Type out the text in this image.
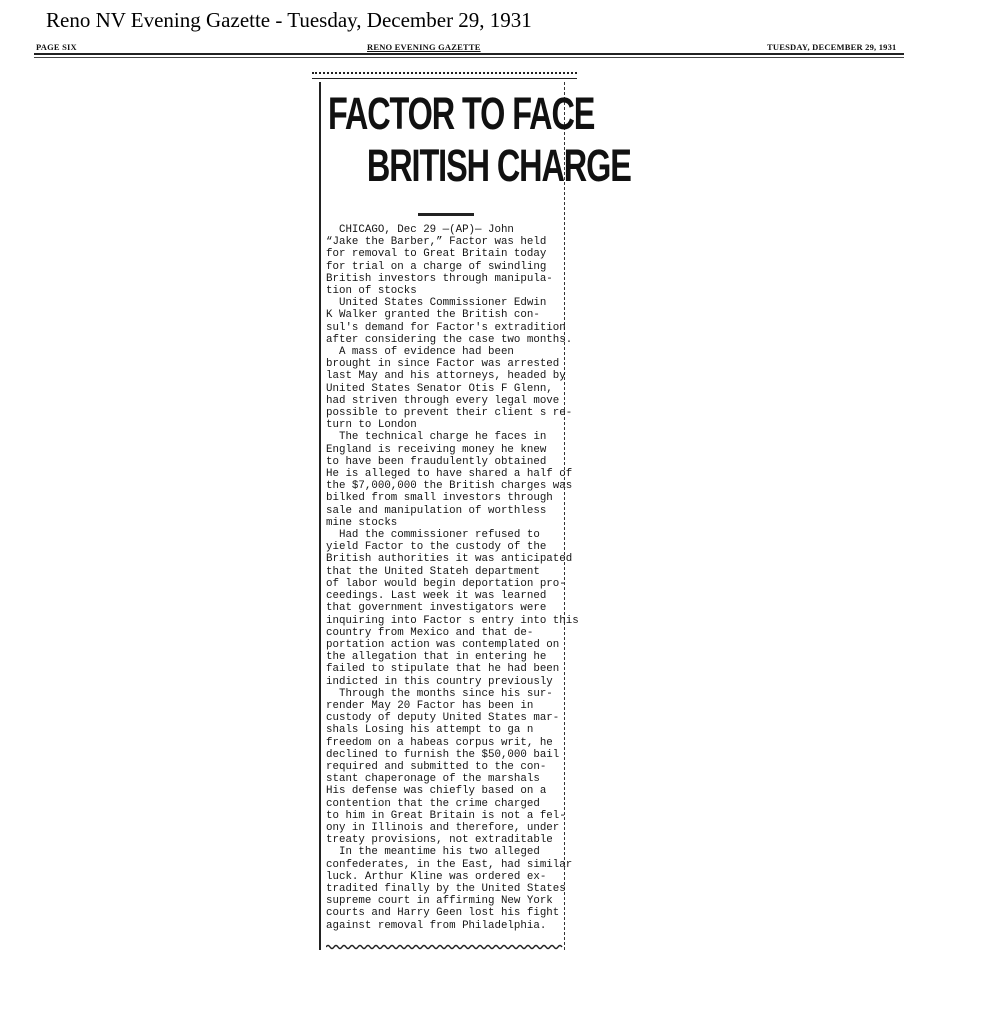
Reno NV Evening Gazette - Tuesday, December 29, 1931
PAGE SIX	RENO EVENING GAZETTE	TUESDAY, DECEMBER 29, 1931
FACTOR TO FACE
BRITISH CHARGE

CHICAGO, Dec 29 —(AP)— John

“Jake the Barber,” Factor was held

for removal to Great Britain today

for trial on a charge of swindling

British investors through manipula-

tion of stocks

United States Commissioner Edwin

K Walker granted the British con-

sul's demand for Factor's extradition

after considering the case two months.

A mass of evidence had been

brought in since Factor was arrested

last May and his attorneys, headed by

United States Senator Otis F Glenn,

had striven through every legal move

possible to prevent their client s re-

turn to London

The technical charge he faces in

England is receiving money he knew

to have been fraudulently obtained

He is alleged to have shared a half of

the $7,000,000 the British charges was

bilked from small investors through

sale and manipulation of worthless

mine stocks

Had the commissioner refused to

yield Factor to the custody of the

British authorities it was anticipated

that the United Stateh department

of labor would begin deportation pro-

ceedings. Last week it was learned

that government investigators were

inquiring into Factor s entry into this

country from Mexico and that de-

portation action was contemplated on

the allegation that in entering he

failed to stipulate that he had been

indicted in this country previously

Through the months since his sur-

render May 20 Factor has been in

custody of deputy United States mar-

shals Losing his attempt to ga n

freedom on a habeas corpus writ, he

declined to furnish the $50,000 bail

required and submitted to the con-

stant chaperonage of the marshals

His defense was chiefly based on a

contention that the crime charged

to him in Great Britain is not a fel-

ony in Illinois and therefore, under

treaty provisions, not extraditable

In the meantime his two alleged

confederates, in the East, had similar

luck. Arthur Kline was ordered ex-

tradited finally by the United States

supreme court in affirming New York

courts and Harry Geen lost his fight

against removal from Philadelphia.
